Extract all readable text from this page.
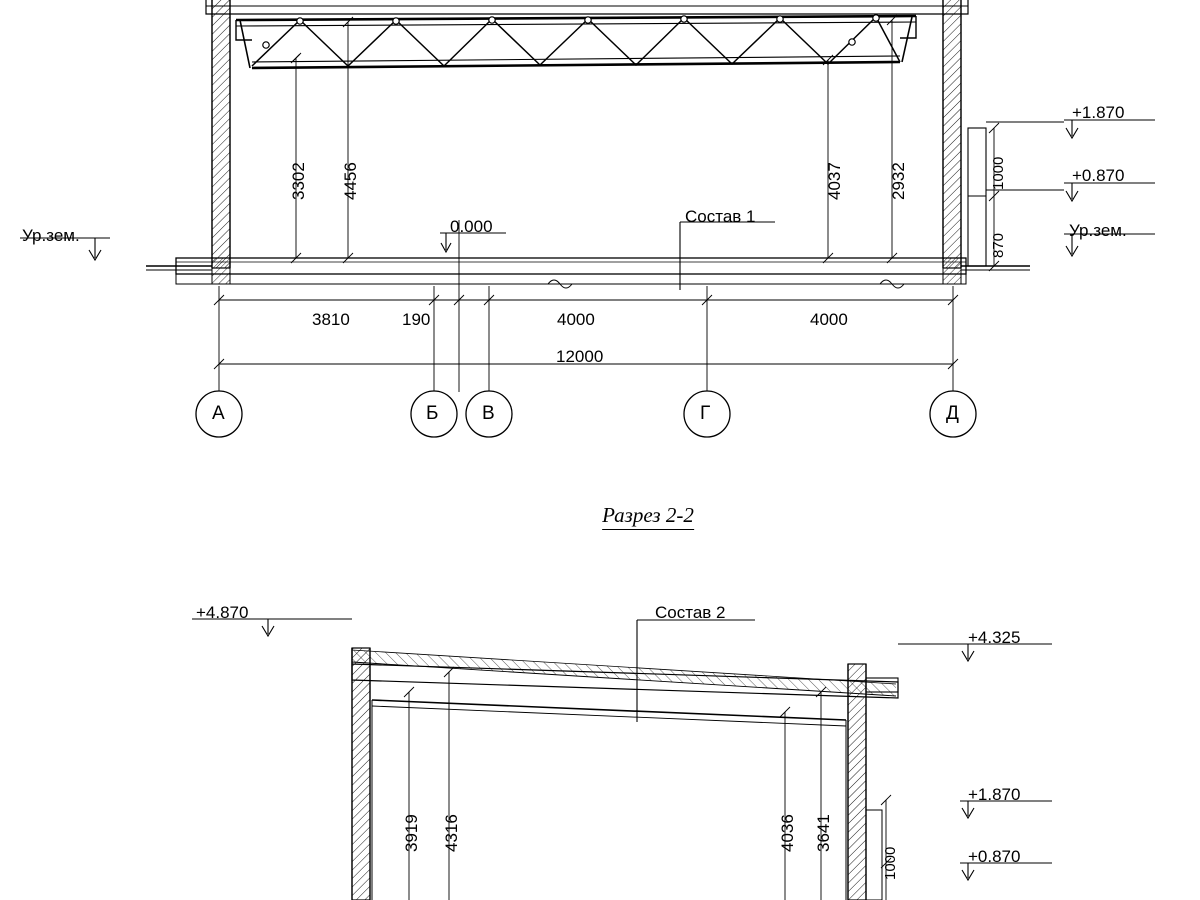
+1.870
+0.870
Ур.зем.	Ур.зем.
0.000
Состав 1
3302 4456	4037	2932	1000
870
3810	190	4000	4000
12000
А	Б В	Г	Д
Разрез 2-2
+4.870
+4.325
+1.870
+0.870
Состав 2
3919 4316	4036 3641
1000
